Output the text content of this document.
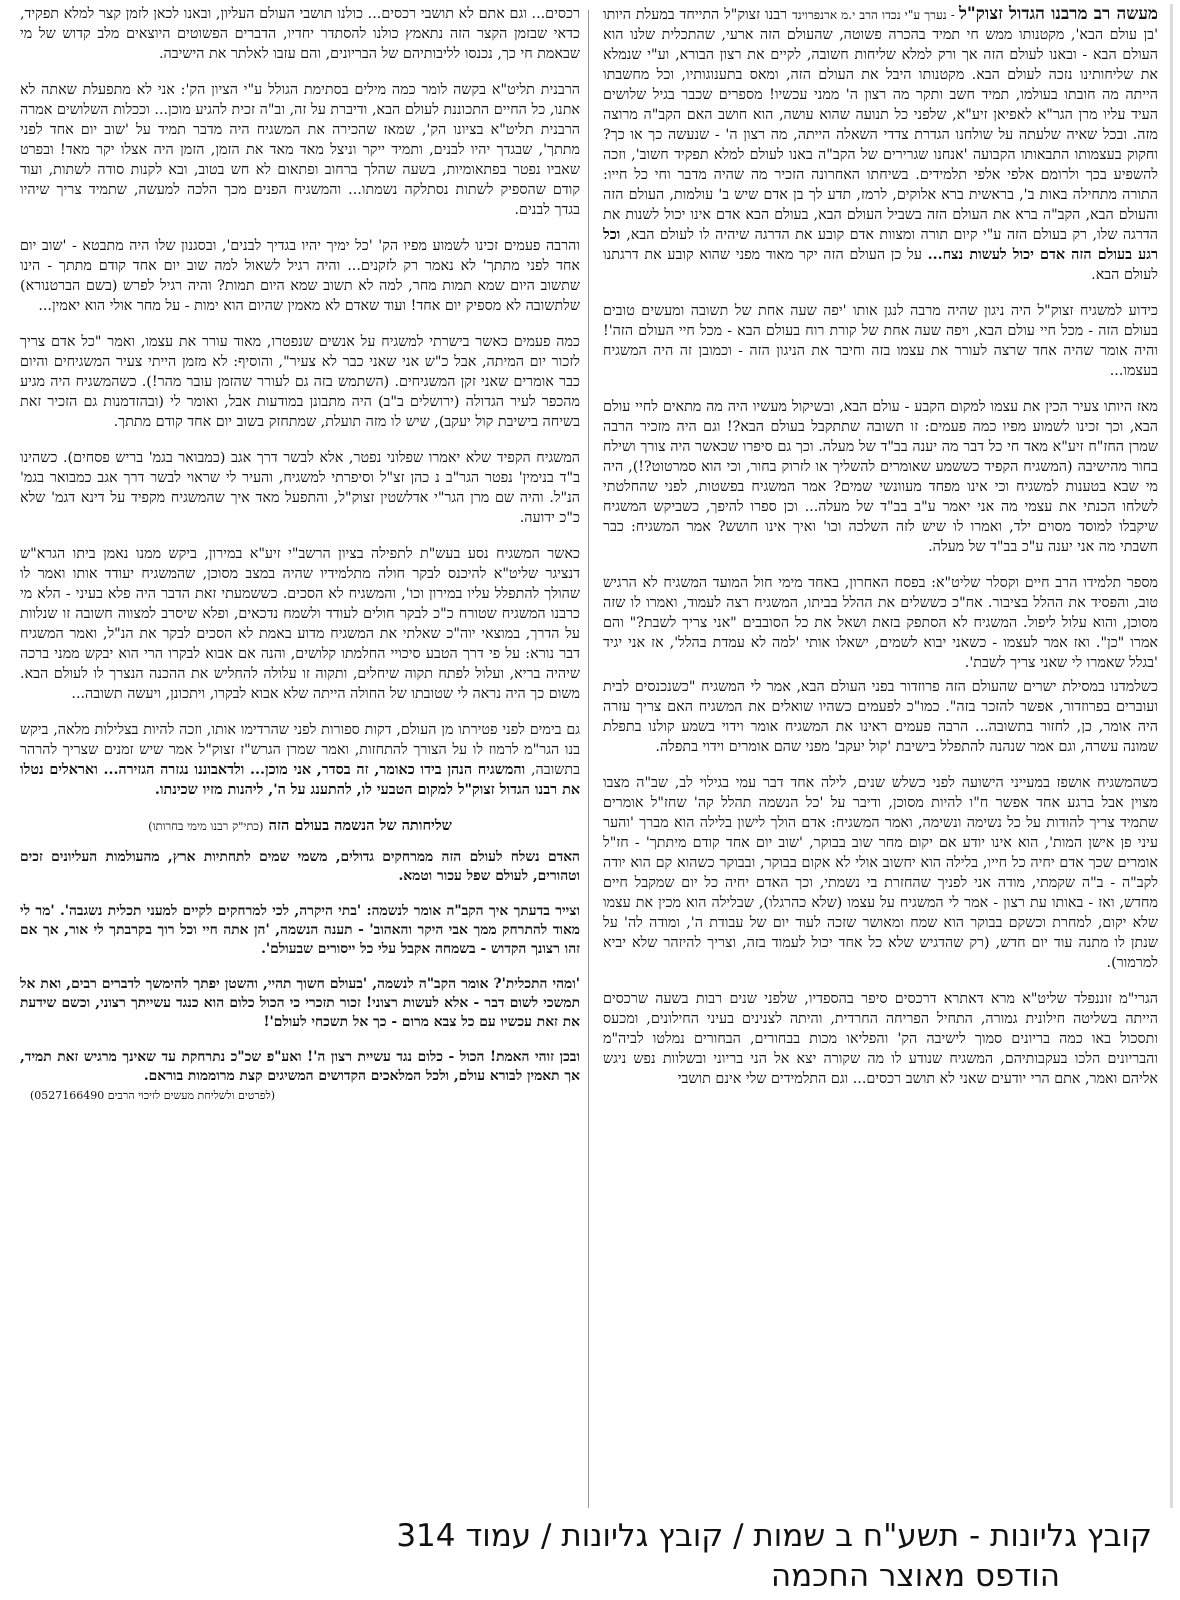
מעשה רב מרבנו הגדול זצוק"ל - נערך ע"י נכדו הרב י.מ ארנפרוינד רבנו זצוק"ל התייחד במעלת היותו 'בן עולם הבא', מקטנותו ממש חי תמיד בהכרה פשוטה, שהעולם הזה ארעי, שהתכלית שלנו הוא העולם הבא - ובאנו לעולם הזה אך ורק למלא שליחות חשובה, לקיים את רצון הבורא, וע"י שנמלא את שליחותינו נזכה לעולם הבא. מקטנותו היבל את העולם הזה, ומאס בתענוגותיו, וכל מחשבתו הייתה מה חובתו בעולמו, תמיד חשב ותקר מה רצון ה' ממני עכשיו! מספרים שכבר בגיל שלושים העיד עליו מרן הגר"א לאפיאן זיע"א, שלפני כל תנועה שהוא עושה, הוא חושב האם הקב"ה מרוצה מזה. ובכל שאיה שלעתה על שולחנו הגדרת צדדי השאלה הייתה, מה רצון ה' - שנעשה כך או כך? וחקוק בעצמותו התבאותו הקבועה 'אנחנו שגרירים של הקב"ה באנו לעולם למלא תפקיד חשוב', וזכה להשפיע בכך ולרומם אלפי אלפי תלמידים. בשיחתו האחרונה הזכיר מה שהיה מדבר וחי כל חייו: התורה מתחילה באות ב', בראשית ברא אלוקים, לרמז, תדע לך בן אדם שיש ב' עולמות, העולם הזה והעולם הבא, הקב"ה ברא את העולם הזה בשביל העולם הבא, בעולם הבא אדם אינו יכול לשנות את הדרגה שלו, רק בעולם הזה ע"י קיום תורה ומצוות אדם קובע את הדרגה שיהיה לו לעולם הבא, וכל רגע בעולם הזה אדם יכול לעשות נצח... על כן העולם הזה יקר מאוד מפני שהוא קובע את דרגתנו לעולם הבא.

כידוע למשגיח זצוק"ל היה ניגון שהיה מרבה לנגן אותו 'יפה שעה אחת של תשובה ומעשים טובים בעולם הזה - מכל חיי עולם הבא, ויפה שעה אחת של קורת רוח בעולם הבא - מכל חיי העולם הזה'! והיה אומר שהיה אחד שרצה לעורר את עצמו בזה וחיבר את הניגון הזה - וכמובן זה היה המשגיח בעצמו...

מאז היותו צעיר הכין את עצמו למקום הקבע - עולם הבא, ובשיקול מעשיו היה מה מתאים לחיי עולם הבא, וכך זכינו לשמוע מפיו כמה פעמים: זו תשובה שתתקבל בעולם הבא?! וגם היה מזכיר הרבה שמרן החז"ח זיע"א מאד חי כל דבר מה יענה בב"ד של מעלה. וכך גם סיפרו שכאשר היה צורך ושילח בחור מהישיבה (המשגיח הקפיד כששמע שאומרים להשליך או לזרוק בחור, וכי הוא סמרטוט?!), היה מי שבא בטענות למשגיח וכי אינו מפחד מעוונשי שמים? אמר המשגיח בפשטות, לפני שהחלטתי לשלחו הכנתי את עצמי מה אני יאמר ע"ב בב"ד של מעלה... וכן ספרו להיפך, כשביקש המשגיח שיקבלו למוסד מסוים ילד, ואמרו לו שיש לזה השלכה וכו' ואיך אינו חושש? אמר המשגיח: כבר חשבתי מה אני יענה ע"כ בב"ד של מעלה.

מספר תלמידו הרב חיים וקסלר שליט"א: בפסח האחרון, באחד מימי חול המועד המשגיח לא הרגיש טוב, והפסיד את ההלל בציבור. אח"כ כששלים את ההלל בביתו, המשגיח רצה לעמוד, ואמרו לו שזה מסוכן, והוא עלול ליפול. המשגיח לא הסתפק בזאת ושאל את כל הסובבים "אני צריך לשבת?" והם אמרו "כן". ואז אמר לעצמו - כשאני יבוא לשמים, ישאלו אותי 'למה לא עמדת בהלל', אז אני יגיד 'בגלל שאמרו לי שאני צריך לשבת'.

כשלמדנו במסילת ישרים שהעולם הזה פרוזדור בפני העולם הבא, אמר לי המשגיח "כשנכנסים לבית ועוברים בפרוזדור, אפשר להזכר בזה". כמו"כ לפעמים כשהיו שואלים את המשגיח האם צריך עזרה היה אומר, כן, לחזור בתשובה... הרבה פעמים ראינו את המשגיח אומר וידוי בשמע קולנו בתפלת שמונה עשרה, וגם אמר שנהנה להתפלל בישיבת 'קול יעקב' מפני שהם אומרים וידוי בתפלה.

כשהמשגיח אושפז במעייני הישועה לפני כשלש שנים, לילה אחד דבר עמי בגילוי לב, שב"ה מצבו מצוין אבל ברגע אחד אפשר ח"ו להיות מסוכן, ודיבר על 'כל הנשמה תהלל קה' שחז"ל אומרים שתמיד צריך להודות על כל נשימה ונשימה, ואמר המשגיח: אדם הולך לישון בלילה הוא מברך 'והער עיני פן אישן המות', הוא אינו יודע אם יקום מחר שוב בבוקר, 'שוב יום אחד קודם מיתתך' - חז"ל אומרים שכך אדם יחיה כל חייו, בלילה הוא יחשוב אולי לא אקום בבוקר, ובבוקר כשהוא קם הוא יודה לקב"ה - ב"ה שקמתי, מודה אני לפניך שהחזרת בי נשמתי, וכך האדם יחיה כל יום שמקבל חיים מחדש, ואז - באותו עת רצון - אמר לי המשגיח על עצמו (שלא כהרגלו), שבלילה הוא מכין את עצמו שלא יקום, למחרת וכשקם בבוקר הוא שמח ומאושר שזכה לעוד יום של עבודת ה', ומודה לה' על שנתן לו מתנה עוד יום חדש, (רק שהדגיש שלא כל אחד יכול לעמוד בזה, וצריך להיזהר שלא יביא למרמור).

הגרי"מ זוננפלד שליט"א מרא דאתרא דרכסים סיפר בהספדיו, שלפני שנים רבות בשעה שרכסים הייתה בשליטה חילונית גמורה, התחיל הפריחה החרדית, והיתה לצנינים בעיני החילונים, ומכעס ותסכול באו כמה בריונים סמוך לישיבה הק' והפליאו מכות בבחורים, הבחורים נמלטו לביה"מ והבריונים הלכו בעקבותיהם, המשגיח שנודע לו מה שקורה יצא אל הני בריוני ובשלוות נפש ניגש אליהם ואמר, אתם הרי יודעים שאני לא תושב רכסים... וגם התלמידים שלי אינם תושבי

רכסים... וגם אתם לא תושבי רכסים... כולנו תושבי העולם העליון, ובאנו לכאן לזמן קצר למלא תפקיד, כדאי שבזמן הקצר הזה נתאמץ כולנו להסתדר יחדיו, הדברים הפשוטים היוצאים מלב קדוש של מי שבאמת חי כך, נכנסו לליבותיהם של הבריונים, והם עזבו לאלתר את הישיבה.

הרבנית תליט"א בקשה לומר כמה מילים בסתימת הגולל ע"י הציון הק': אני לא מתפעלת שאתה לא אתנו, כל החיים התכוננת לעולם הבא, ודיברת על זה, וב"ה זכית להגיע מוכן... וככלות השלושים אמרה הרבנית תליט"א בציונו הק', שמאז שהכירה את המשגיח היה מדבר תמיד על 'שוב יום אחד לפני מתתך', שבגדך יהיו לבנים, ותמיד ייקר וניצל מאד מאד את הזמן, הזמן היה אצלו יקר מאד! ובפרט שאביו נפטר בפתאומיות, בשעה שהלך ברחוב ופתאום לא חש בטוב, ובא לקנות סודה לשתות, ועוד קודם שהספיק לשתות נסתלקה נשמתו... והמשגיח הפנים מכך הלכה למעשה, שתמיד צריך שיהיו בגדך לבנים.

והרבה פעמים זכינו לשמוע מפיו הק' 'כל ימיך יהיו בגדיך לבנים', ובסגנון שלו היה מתבטא - 'שוב יום אחד לפני מתתך' לא נאמר רק לזקנים... והיה רגיל לשאול למה שוב יום אחד קודם מתתך - הינו שתשוב היום שמא תמות מחר, למה לא תשוב שמא היום תמות? והיה רגיל לפרש (בשם הברטנורא) שלתשובה לא מספיק יום אחד! ועוד שאדם לא מאמין שהיום הוא ימות - על מחר אולי הוא יאמין...

כמה פעמים כאשר בישרתי למשגיח על אנשים שנפטרו, מאוד עורר את עצמו, ואמר "כל אדם צריך לזכור יום המיתה, אבל כ"ש אני שאני כבר לא צעיר", והוסיף: לא מזמן הייתי צעיר המשגיחים והיום כבר אומרים שאני זקן המשגיחים. (השתמש בזה גם לעורר שהזמן עובר מהר!). כשהמשגיח היה מגיע מהכפר לעיר הגדולה (ירושלים ב"ב) היה מתבונן במודעות אבל, ואומר לי (ובהזדמנות גם הזכיר זאת בשיחה בישיבת קול יעקב), שיש לו מזה תועלת, שמתחזק בשוב יום אחד קודם מתתך.

המשגיח הקפיד שלא יאמרו שפלוני נפטר, אלא לבשר דרך אגב (כמבואר בגמ' בריש פסחים). כשהינו ב"ד בנימין' נפטר הגר"ב נ כהן זצ"ל וסיפרתי למשגיח, והעיר לי שראוי לבשר דרך אגב כמבואר בגמ' הנ"ל. והיה שם מרן הגר"י אדלשטין זצוק"ל, והתפעל מאד איך שהמשגיח מקפיד על דינא דגמ' שלא כ"כ ידועה.

כאשר המשגיח נסע בעש"ת לתפילה בציון הרשב"י זיע"א במירון, ביקש ממנו נאמן ביתו הגרא"ש דנציגר שליט"א להיכנס לבקר חולה מתלמידיו שהיה במצב מסוכן, שהמשגיח יעודד אותו ואמר לו שהולך להתפלל עליו במירון וכו', והמשגיח לא הסכים. כששמעתי זאת הדבר היה פלא בעיני - הלא מי כרבנו המשגיח שטורח כ"כ לבקר חולים לעודד ולשמח נדכאים, ופלא שיסרב למצווה חשובה זו שנלוות על הדרך, במוצאי יוה"כ שאלתי את המשגיח מדוע באמת לא הסכים לבקר את הנ"ל, ואמר המשגיח דבר נורא: על פי דרך הטבע סיכויי החלמתו קלושים, והנה אם אבוא לבקרו הרי הוא יבקש ממני ברכה שיהיה בריא, ועלול לפתח תקוה שיחלים, ותקוה זו עלולה להחליש את ההכנה הנצרך לו לעולם הבא. משום כך היה נראה לי שטובתו של החולה הייתה שלא אבוא לבקרו, ויתכונן, ויעשה תשובה...

גם בימים לפני פטירתו מן העולם, דקות ספורות לפני שהרדימו אותו, וזכה להיות בצלילות מלאה, ביקש בנו הגר"מ לרמוז לו על הצורך להתחזות, ואמר שמרן הגרש"ז זצוק"ל אמר שיש זמנים שצריך להרהר בתשובה, והמשגיח הנהן בידו כאומר, זה בסדר, אני מוכן... ולדאבוננו נגזרה הגזירה... ואראלים נטלו את רבנו הגדול זצוק"ל למקום הטבעי לו, להתענג על ה', ליהנות מזיו שכינתו.

שליחותה של הנשמה בעולם הזה (כתי"ק רבנו מימי בחרותו)

האדם נשלח לעולם הזה ממרחקים גדולים, משמי שמים לתחתיות ארץ, מהעולמות העליונים זכים וטהורים, לעולם שפל עכור וטמא.

וצייר בדעתך איך הקב"ה אומר לנשמה: 'בתי היקרה, לכי למרחקים לקיים למעני תכלית נשגבה'. 'מר לי מאוד להתרחק ממך אבי היקר והאהוב' - תענה הנשמה, 'הן אתה חיי וכל רוך בקרבתך לי אור, אך אם זהו רצונך הקדוש - בשמחה אקבל עלי כל ייסורים שבעולם'.

'ומהי התכלית'? אומר הקב"ה לנשמה, 'בעולם חשוך תהיי, והשטן יפתך להימשך לדברים רבים, ואת אל תמשכי לשום דבר - אלא לעשות רצוני! זכור תזכרי כי הכול כלום הוא כנגד עשייתך רצוני, וכשם שידעת את זאת עכשיו עם כל צבא מרום - כך אל תשכחי לעולם'!

ובכן זוהי האמת! הכול - כלום נגד עשיית רצון ה'! ואע"פ שכ"כ נתרחקת עד שאינך מרגיש זאת תמיד, אך תאמין לבורא עולם, ולכל המלאכים הקדושים המשיגים קצת מרוממות בוראם.
(לפרטים ולשליחת מעשים לזיכוי הרבים 0527166490)

קובץ גליונות - תשע"ח ב שמות / קובץ גליונות / עמוד 314
הודפס מאוצר החכמה
